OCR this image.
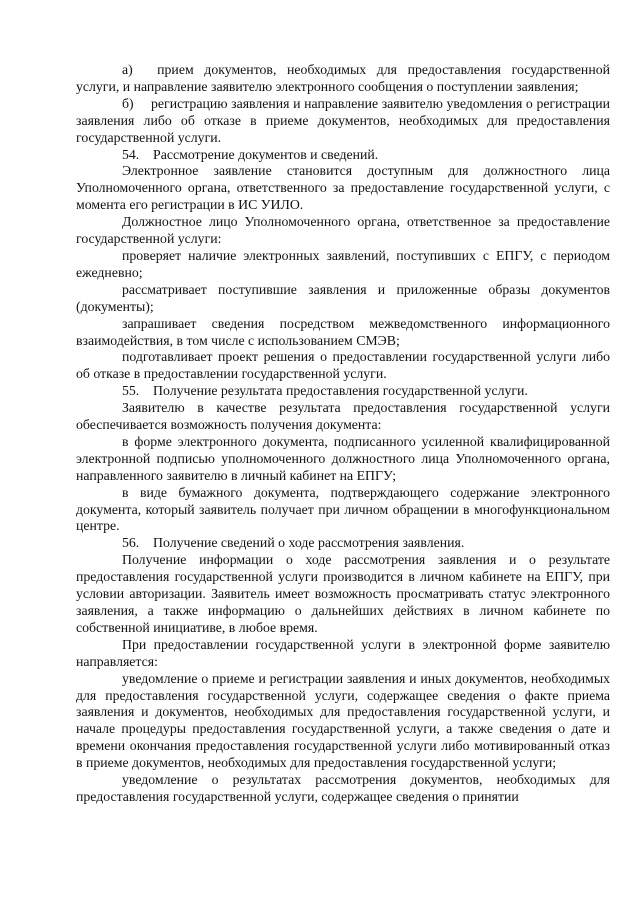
а)  прием документов, необходимых для предоставления государственной услуги, и направление заявителю электронного сообщения о поступлении заявления;

б)  регистрацию заявления и направление заявителю уведомления о регистрации заявления либо об отказе в приеме документов, необходимых для предоставления государственной услуги.

54. Рассмотрение документов и сведений.

Электронное заявление становится доступным для должностного лица Уполномоченного органа, ответственного за предоставление государственной услуги, с момента его регистрации в ИС УИЛО.

Должностное лицо Уполномоченного органа, ответственное за предоставление государственной услуги:

проверяет наличие электронных заявлений, поступивших с ЕПГУ, с периодом ежедневно;

рассматривает поступившие заявления и приложенные образы документов (документы);

запрашивает сведения посредством межведомственного информационного взаимодействия, в том числе с использованием СМЭВ;

подготавливает проект решения о предоставлении государственной услуги либо об отказе в предоставлении государственной услуги.

55. Получение результата предоставления государственной услуги.

Заявителю в качестве результата предоставления государственной услуги обеспечивается возможность получения документа:

в форме электронного документа, подписанного усиленной квалифицированной электронной подписью уполномоченного должностного лица Уполномоченного органа, направленного заявителю в личный кабинет на ЕПГУ;

в виде бумажного документа, подтверждающего содержание электронного документа, который заявитель получает при личном обращении в многофункциональном центре.

56. Получение сведений о ходе рассмотрения заявления.

Получение информации о ходе рассмотрения заявления и о результате предоставления государственной услуги производится в личном кабинете на ЕПГУ, при условии авторизации. Заявитель имеет возможность просматривать статус электронного заявления, а также информацию о дальнейших действиях в личном кабинете по собственной инициативе, в любое время.

При предоставлении государственной услуги в электронной форме заявителю направляется:

уведомление о приеме и регистрации заявления и иных документов, необходимых для предоставления государственной услуги, содержащее сведения о факте приема заявления и документов, необходимых для предоставления государственной услуги, и начале процедуры предоставления государственной услуги, а также сведения о дате и времени окончания предоставления государственной услуги либо мотивированный отказ в приеме документов, необходимых для предоставления государственной услуги;

уведомление о результатах рассмотрения документов, необходимых для предоставления государственной услуги, содержащее сведения о принятии
